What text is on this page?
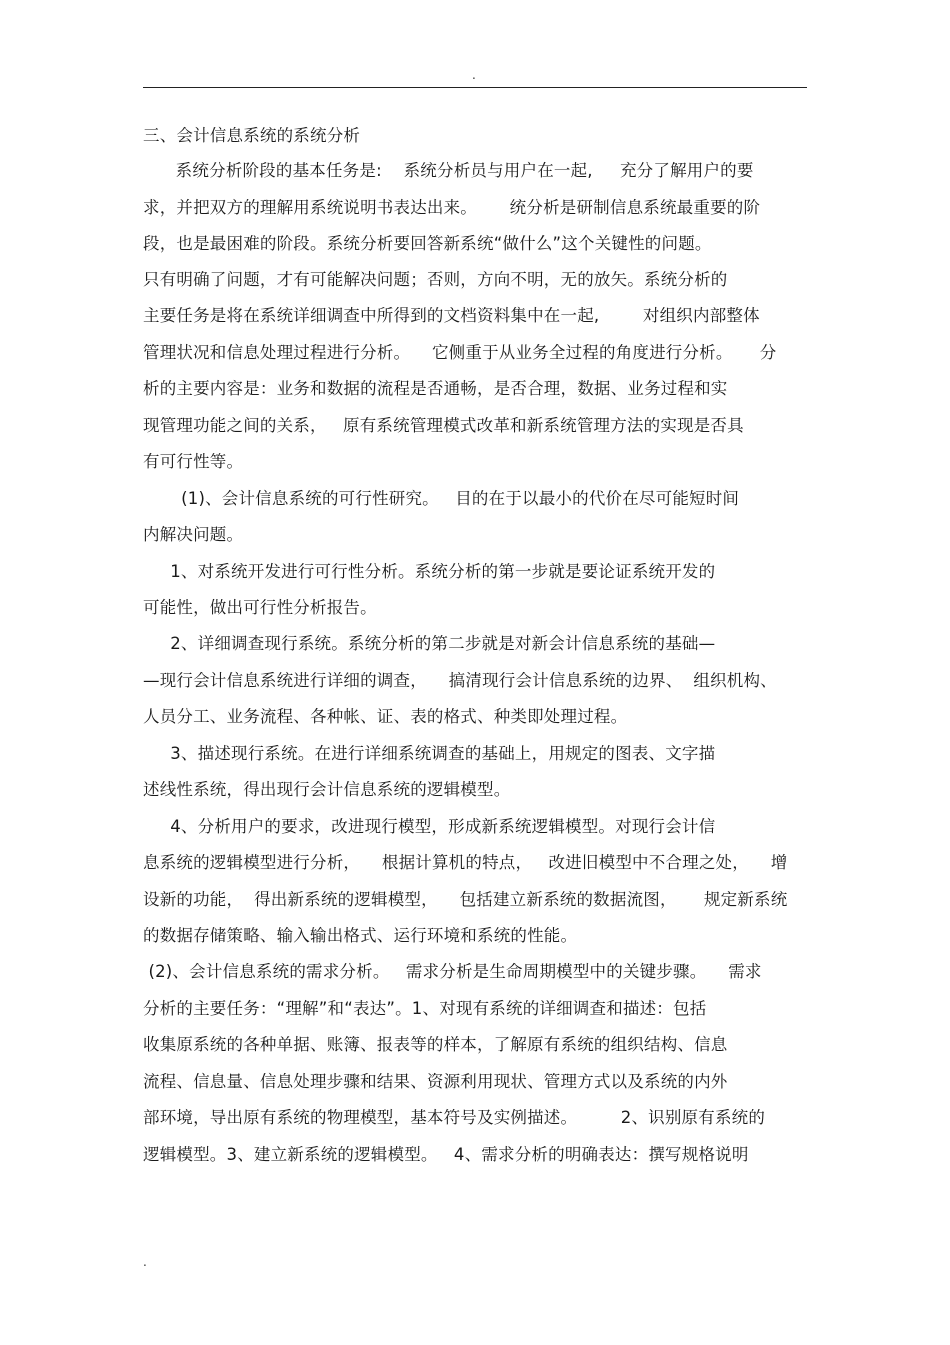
.
三、会计信息系统的系统分析
系统分析阶段的基本任务是:    系统分析员与用户在一起,     充分了解用户的要
求，并把双方的理解用系统说明书表达出来。      统分析是研制信息系统最重要的阶
段，也是最困难的阶段。系统分析要回答新系统“做什么”这个关键性的问题。
只有明确了问题，才有可能解决问题；否则，方向不明，无的放矢。系统分析的
主要任务是将在系统详细调查中所得到的文档资料集中在一起,        对组织内部整体
管理状况和信息处理过程进行分析。    它侧重于从业务全过程的角度进行分析。     分
析的主要内容是：业务和数据的流程是否通畅，是否合理，数据、业务过程和实
现管理功能之间的关系，   原有系统管理模式改革和新系统管理方法的实现是否具
有可行性等。
(1)、会计信息系统的可行性研究。   目的在于以最小的代价在尽可能短时间
内解决问题。
1、对系统开发进行可行性分析。系统分析的第一步就是要论证系统开发的
可能性，做出可行性分析报告。
2、详细调查现行系统。系统分析的第二步就是对新会计信息系统的基础—
—现行会计信息系统进行详细的调查，    搞清现行会计信息系统的边界、  组织机构、
人员分工、业务流程、各种帐、证、表的格式、种类即处理过程。
3、描述现行系统。在进行详细系统调查的基础上，用规定的图表、文字描
述线性系统，得出现行会计信息系统的逻辑模型。
4、分析用户的要求，改进现行模型，形成新系统逻辑模型。对现行会计信
息系统的逻辑模型进行分析，    根据计算机的特点，   改进旧模型中不合理之处，    增
设新的功能，  得出新系统的逻辑模型，    包括建立新系统的数据流图，     规定新系统
的数据存储策略、输入输出格式、运行环境和系统的性能。
(2)、会计信息系统的需求分析。   需求分析是生命周期模型中的关键步骤。    需求
分析的主要任务：“理解”和“表达”。1、对现有系统的详细调查和描述：包括
收集原系统的各种单据、账簿、报表等的样本，了解原有系统的组织结构、信息
流程、信息量、信息处理步骤和结果、资源利用现状、管理方式以及系统的内外
部环境，导出原有系统的物理模型，基本符号及实例描述。        2、识别原有系统的
逻辑模型。3、建立新系统的逻辑模型。   4、需求分析的明确表达：撰写规格说明
.
